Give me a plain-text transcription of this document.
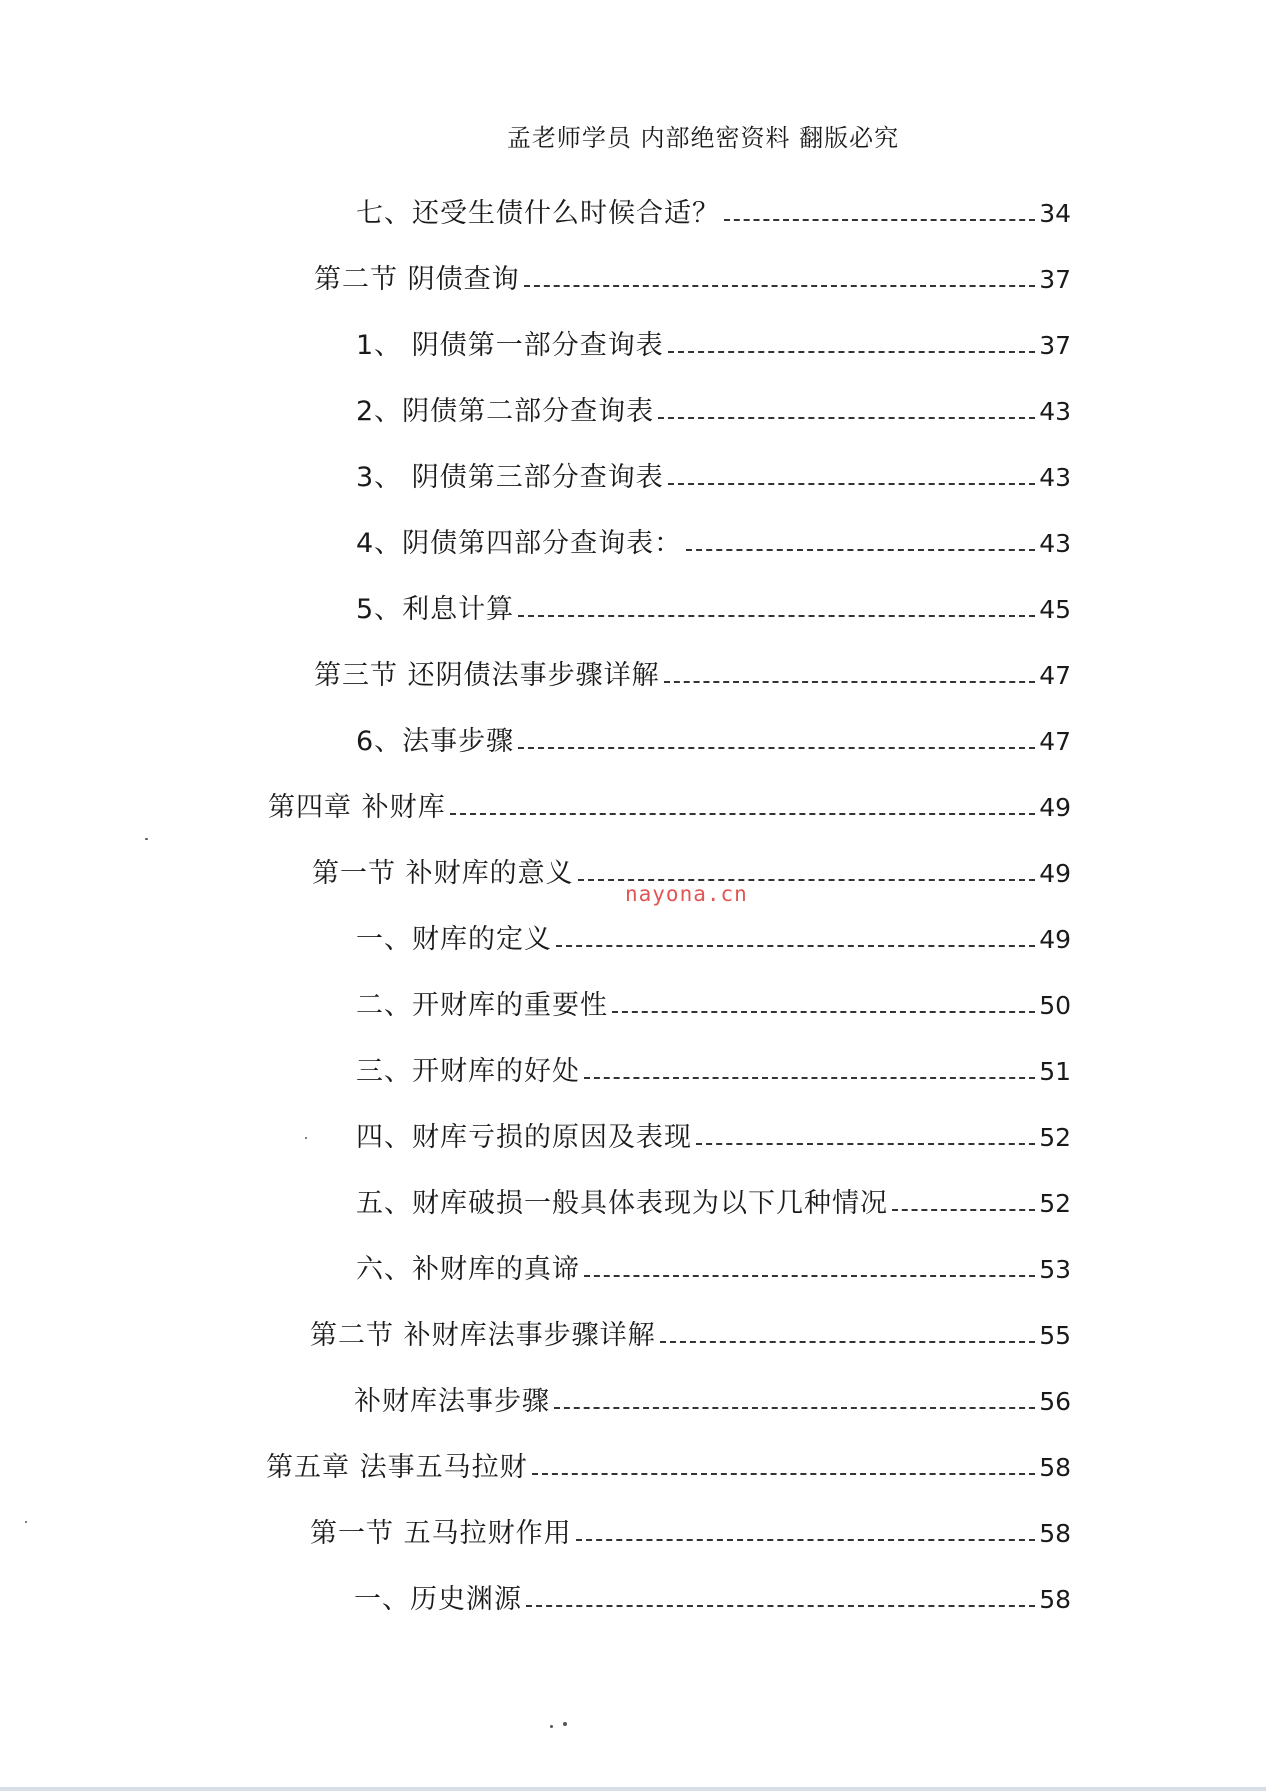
孟老师学员 内部绝密资料 翻版必究
七、还受生债什么时候合适？	34
第二节 阴债查询	37
1、 阴债第一部分查询表	37
2、阴债第二部分查询表	43
3、 阴债第三部分查询表	43
4、阴债第四部分查询表：	43
5、利息计算	45
第三节 还阴债法事步骤详解	47
6、法事步骤	47
第四章 补财库	49
第一节 补财库的意义	49
一、财库的定义	49
二、开财库的重要性	50
三、开财库的好处	51
四、财库亏损的原因及表现	52
五、财库破损一般具体表现为以下几种情况	52
六、补财库的真谛	53
第二节 补财库法事步骤详解	55
补财库法事步骤	56
第五章 法事五马拉财	58
第一节 五马拉财作用	58
一、历史渊源	58
nayona.cn
